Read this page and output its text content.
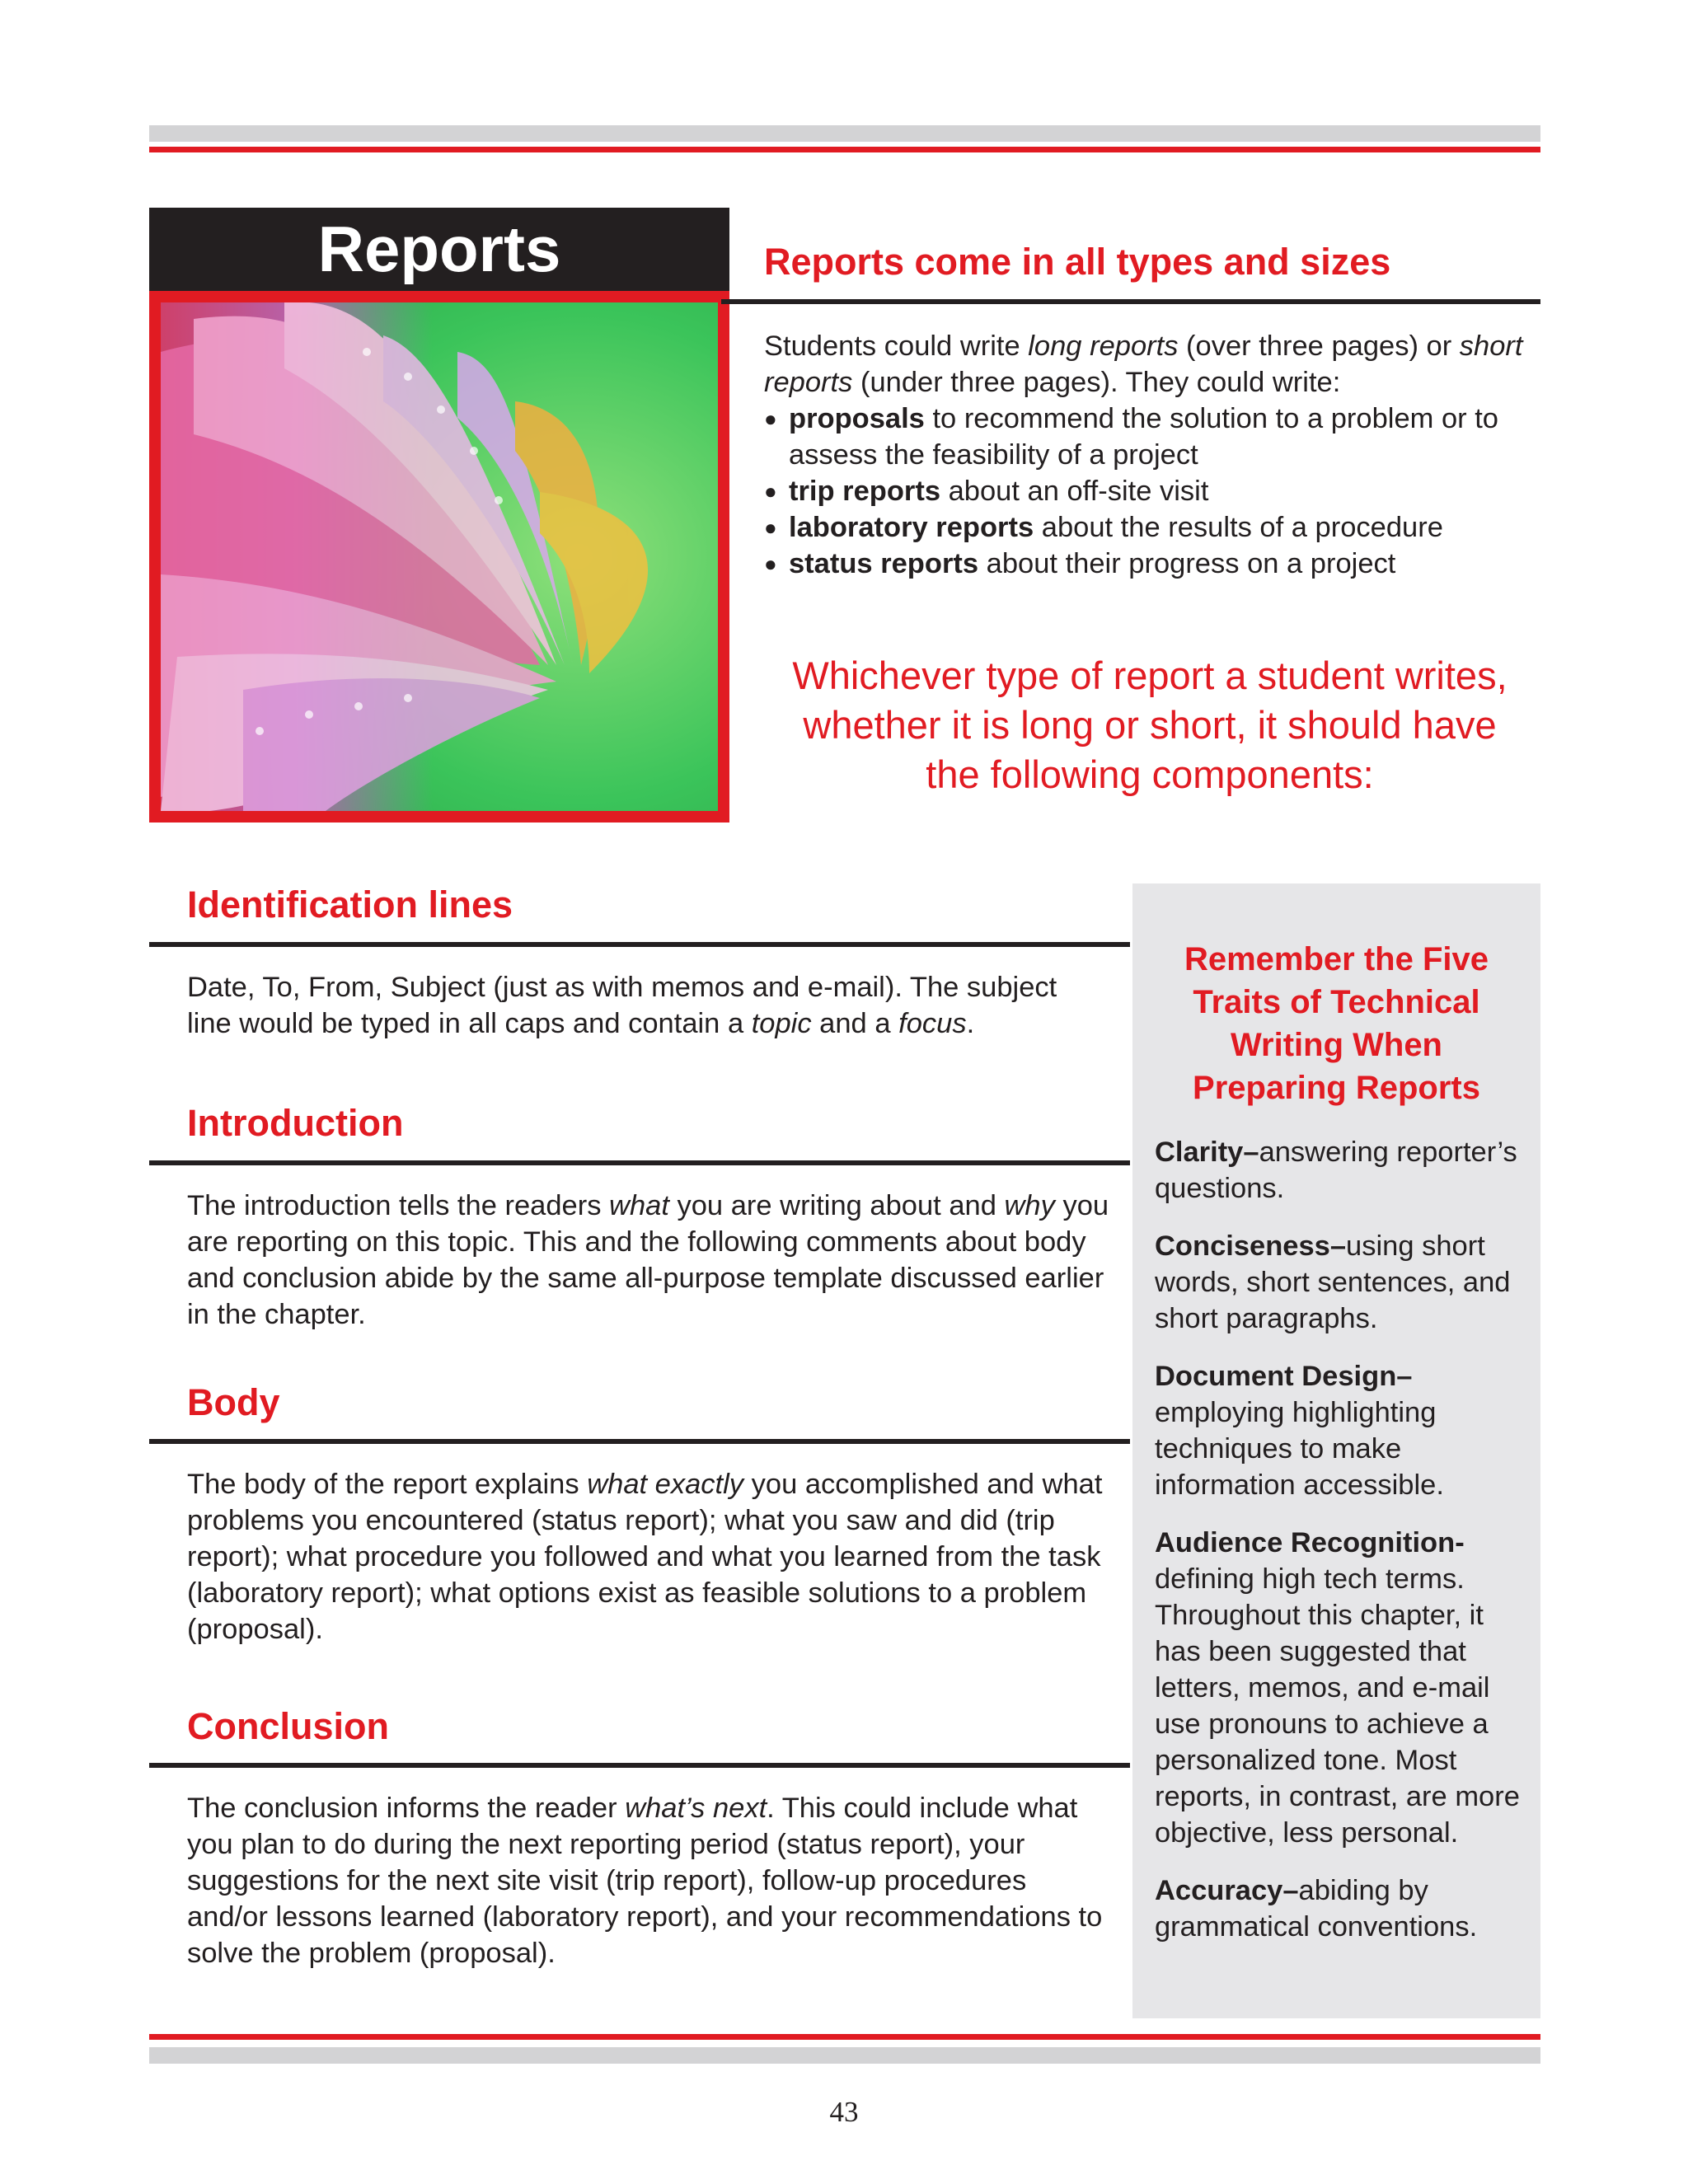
Reports	Reports come in all types and sizes

Students could write long reports (over three pages) or short reports (under three pages). They could write:

● proposals to recommend the solution to a problem or to assess the feasibility of a project
● trip reports about an off-site visit
● laboratory reports about the results of a procedure
● status reports about their progress on a project
Whichever type of report a student writes,
whether it is long or short, it should have
the following components:
Identification lines
Date, To, From, Subject (just as with memos and e-mail). The subject
line would be typed in all caps and contain a topic and a focus.
Introduction

The introduction tells the readers what you are writing about and why you are reporting on this topic. This and the following comments about body and conclusion abide by the same all-purpose template discussed earlier in the chapter.

Body

The body of the report explains what exactly you accomplished and what problems you encountered (status report); what you saw and did (trip report); what procedure you followed and what you learned from the task (laboratory report); what options exist as feasible solutions to a problem (proposal).

Conclusion

The conclusion informs the reader what’s next. This could include what you plan to do during the next reporting period (status report), your suggestions for the next site visit (trip report), follow-up procedures and/or lessons learned (laboratory report), and your recommendations to solve the problem (proposal).

Remember the Five
Traits of Technical
Writing When
Preparing Reports

Clarity–answering reporter’s questions.

Conciseness–using short words, short sentences, and short paragraphs.

Document Design–employing highlighting techniques to make information accessible.

Audience Recognition-defining high tech terms. Throughout this chapter, it has been suggested that letters, memos, and e-mail use pronouns to achieve a personalized tone. Most reports, in contrast, are more objective, less personal.

Accuracy–abiding by grammatical conventions.

43
